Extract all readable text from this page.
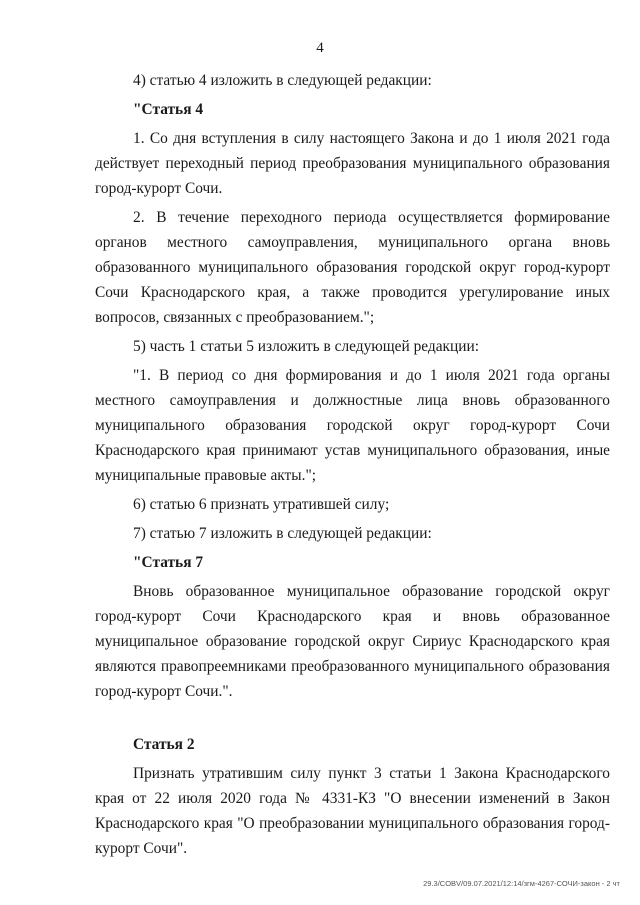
4

4) статью 4 изложить в следующей редакции:

"Статья 4

1. Со дня вступления в силу настоящего Закона и до 1 июля 2021 года действует переходный период преобразования муниципального образования город-курорт Сочи.

2. В течение переходного периода осуществляется формирование органов местного самоуправления, муниципального органа вновь образованного муниципального образования городской округ город-курорт Сочи Краснодарского края, а также проводится урегулирование иных вопросов, связанных с преобразованием.";

5) часть 1 статьи 5 изложить в следующей редакции:

"1. В период со дня формирования и до 1 июля 2021 года органы местного самоуправления и должностные лица вновь образованного муниципального образования городской округ город-курорт Сочи Краснодарского края принимают устав муниципального образования, иные муниципальные правовые акты.";

6) статью 6 признать утратившей силу;

7) статью 7 изложить в следующей редакции:

"Статья 7

Вновь образованное муниципальное образование городской округ город-курорт Сочи Краснодарского края и вновь образованное муниципальное образование городской округ Сириус Краснодарского края являются правопреемниками преобразованного муниципального образования город-курорт Сочи.".

Статья 2

Признать утратившим силу пункт 3 статьи 1 Закона Краснодарского края от 22 июля 2020 года № 4331-КЗ "О внесении изменений в Закон Краснодарского края "О преобразовании муниципального образования город-курорт Сочи".

29.3/COBV/09.07.2021/12:14/згм-4267-СОЧИ-закон - 2 чт
